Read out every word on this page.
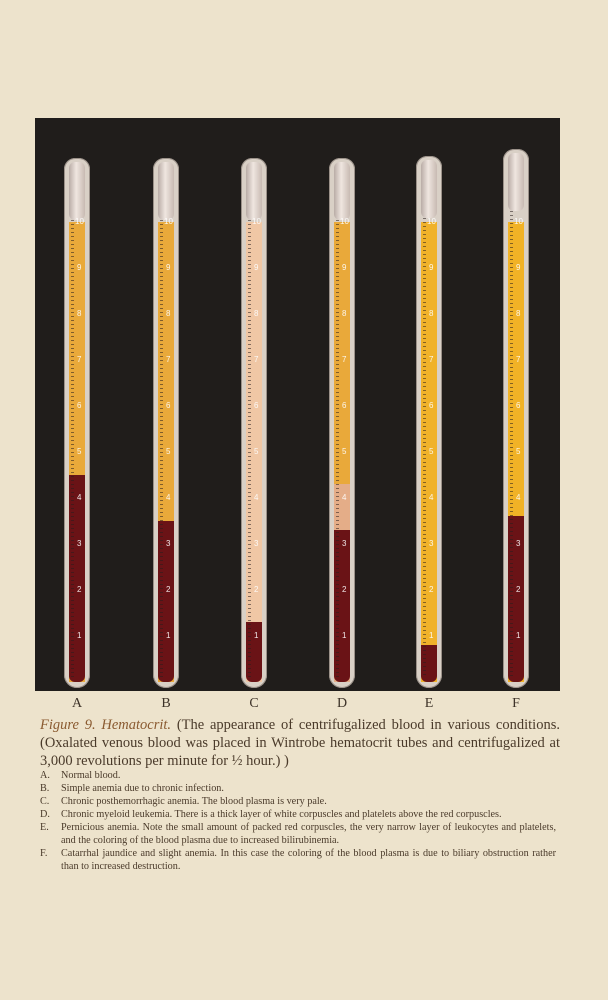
1
2
3
4
5
6
7
8
9
10
1
2
3
4
5
6
7
8
9
10
1
2
3
4
5
6
7
8
9
10
1
2
3
4
5
6
7
8
9
10
1
2
3
4
5
6
7
8
9
10
1
2
3
4
5
6
7
8
9
10
Figure 9. Hematocrit. (The appearance of centrifugalized blood in various conditions. (Oxalated venous blood was placed in Wintrobe hematocrit tubes and centrifugalized at 3,000 revolutions per minute for ½ hour.) )
A.	Normal blood.
B.	Simple anemia due to chronic infection.
C.	Chronic posthemorrhagic anemia. The blood plasma is very pale.
D.	Chronic myeloid leukemia. There is a thick layer of white corpuscles and platelets above the red corpuscles.
E.	Pernicious anemia. Note the small amount of packed red corpuscles, the very narrow layer of leukocytes and platelets, and the coloring of the blood plasma due to increased bilirubinemia.
F.	Catarrhal jaundice and slight anemia. In this case the coloring of the blood plasma is due to biliary obstruction rather than to increased destruction.
A	B	C	D	E	F
